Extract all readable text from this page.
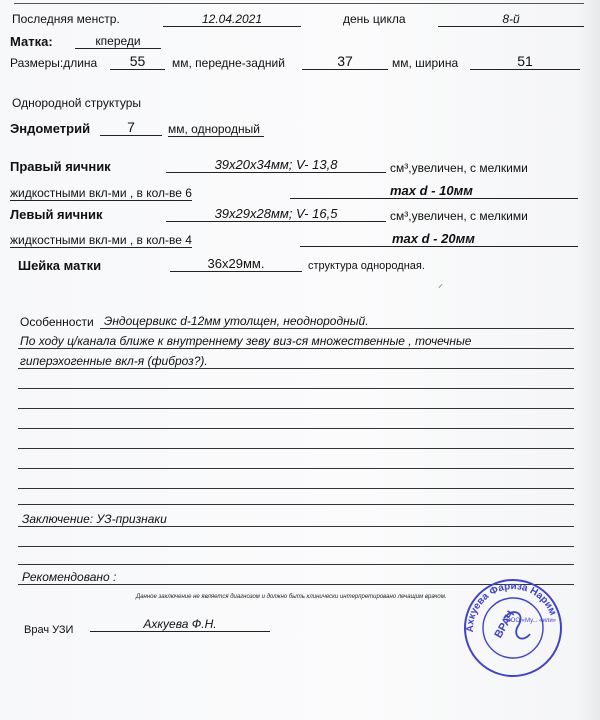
Последняя менстр.	12.04.2021	день цикла	8-й
Матка:	кпереди
Размеры:длина	55	мм, передне-задний	37	мм, ширина	51
Однородной структуры
Эндометрий	7	мм, однородный
Правый яичник	39х20х34мм; V- 13,8	см³,увеличен, с мелкими
жидкостными вкл-ми , в кол-ве 6	max d - 10мм
Левый яичник	39х29х28мм; V- 16,5	см³,увеличен, с мелкими
жидкостными вкл-ми , в кол-ве 4	max d - 20мм
Шейка матки	36х29мм.	структура однородная.
⸝
Особенности Эндоцервикс d-12мм утолщен, неоднородный.
По ходу ц/канала ближе к внутреннему зеву виз-ся множественные , точечные
гиперэхогенные вкл-я (фиброз?).
Заключение: УЗ-признаки
Рекомендовано :
Данное заключение не является диагнозом и должно быть клинически интерпретировано лечащим врачом.
Врач УЗИ	Ахкуева Ф.Н.	Ахкуева Фариза Нарим
ВРАЧ
ООО «Му... «или»
